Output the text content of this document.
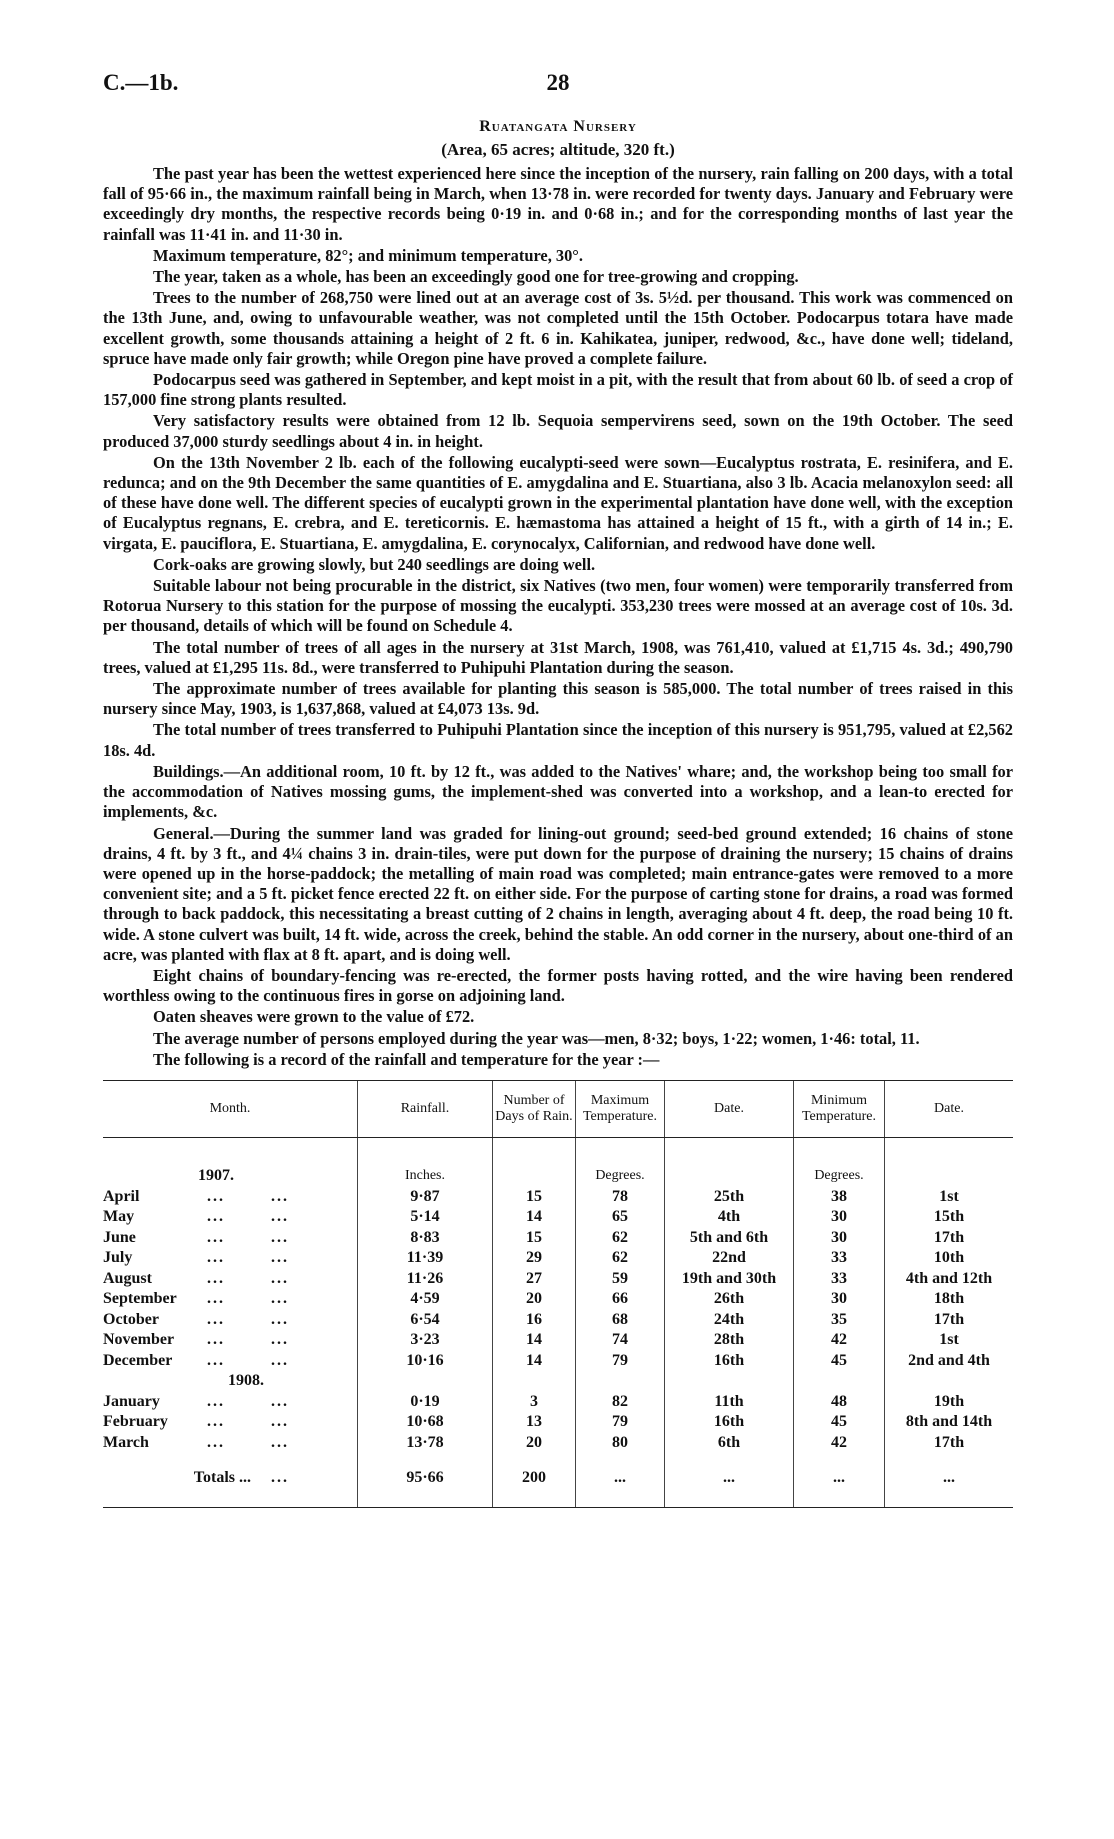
C.—1b.	28
Ruatangata Nursery
(Area, 65 acres; altitude, 320 ft.)

The past year has been the wettest experienced here since the inception of the nursery, rain falling on 200 days, with a total fall of 95·66 in., the maximum rainfall being in March, when 13·78 in. were recorded for twenty days. January and February were exceedingly dry months, the respective records being 0·19 in. and 0·68 in.; and for the corresponding months of last year the rainfall was 11·41 in. and 11·30 in.

Maximum temperature, 82°; and minimum temperature, 30°.

The year, taken as a whole, has been an exceedingly good one for tree-growing and cropping.

Trees to the number of 268,750 were lined out at an average cost of 3s. 5½d. per thousand. This work was commenced on the 13th June, and, owing to unfavourable weather, was not completed until the 15th October. Podocarpus totara have made excellent growth, some thousands attaining a height of 2 ft. 6 in. Kahikatea, juniper, redwood, &c., have done well; tideland, spruce have made only fair growth; while Oregon pine have proved a complete failure.

Podocarpus seed was gathered in September, and kept moist in a pit, with the result that from about 60 lb. of seed a crop of 157,000 fine strong plants resulted.

Very satisfactory results were obtained from 12 lb. Sequoia sempervirens seed, sown on the 19th October. The seed produced 37,000 sturdy seedlings about 4 in. in height.

On the 13th November 2 lb. each of the following eucalypti-seed were sown—Eucalyptus rostrata, E. resinifera, and E. redunca; and on the 9th December the same quantities of E. amygdalina and E. Stuartiana, also 3 lb. Acacia melanoxylon seed: all of these have done well. The different species of eucalypti grown in the experimental plantation have done well, with the exception of Eucalyptus regnans, E. crebra, and E. tereticornis. E. hæmastoma has attained a height of 15 ft., with a girth of 14 in.; E. virgata, E. pauciflora, E. Stuartiana, E. amygdalina, E. corynocalyx, Californian, and redwood have done well.

Cork-oaks are growing slowly, but 240 seedlings are doing well.

Suitable labour not being procurable in the district, six Natives (two men, four women) were temporarily transferred from Rotorua Nursery to this station for the purpose of mossing the eucalypti. 353,230 trees were mossed at an average cost of 10s. 3d. per thousand, details of which will be found on Schedule 4.

The total number of trees of all ages in the nursery at 31st March, 1908, was 761,410, valued at £1,715 4s. 3d.; 490,790 trees, valued at £1,295 11s. 8d., were transferred to Puhipuhi Plantation during the season.

The approximate number of trees available for planting this season is 585,000. The total number of trees raised in this nursery since May, 1903, is 1,637,868, valued at £4,073 13s. 9d.

The total number of trees transferred to Puhipuhi Plantation since the inception of this nursery is 951,795, valued at £2,562 18s. 4d.

Buildings.—An additional room, 10 ft. by 12 ft., was added to the Natives' whare; and, the workshop being too small for the accommodation of Natives mossing gums, the implement-shed was converted into a workshop, and a lean-to erected for implements, &c.

General.—During the summer land was graded for lining-out ground; seed-bed ground extended; 16 chains of stone drains, 4 ft. by 3 ft., and 4¼ chains 3 in. drain-tiles, were put down for the purpose of draining the nursery; 15 chains of drains were opened up in the horse-paddock; the metalling of main road was completed; main entrance-gates were removed to a more convenient site; and a 5 ft. picket fence erected 22 ft. on either side. For the purpose of carting stone for drains, a road was formed through to back paddock, this necessitating a breast cutting of 2 chains in length, averaging about 4 ft. deep, the road being 10 ft. wide. A stone culvert was built, 14 ft. wide, across the creek, behind the stable. An odd corner in the nursery, about one-third of an acre, was planted with flax at 8 ft. apart, and is doing well.

Eight chains of boundary-fencing was re-erected, the former posts having rotted, and the wire having been rendered worthless owing to the continuous fires in gorse on adjoining land.

Oaten sheaves were grown to the value of £72.

The average number of persons employed during the year was—men, 8·32; boys, 1·22; women, 1·46: total, 11.

The following is a record of the rainfall and temperature for the year :—

Month.	Rainfall.	Number of Days of Rain.	Maximum Temperature.	Date.	Minimum Temperature.	Date.

1907.	Inches.		Degrees.		Degrees.	

April ... ...	9·87	15	78	25th	38	1st

May ... ...	5·14	14	65	4th	30	15th

June ... ...	8·83	15	62	5th and 6th	30	17th

July ... ...	11·39	29	62	22nd	33	10th

August ... ...	11·26	27	59	19th and 30th	33	4th and 12th

September ... ...	4·59	20	66	26th	30	18th

October ... ...	6·54	16	68	24th	35	17th

November ... ...	3·23	14	74	28th	42	1st

December ... ...	10·16	14	79	16th	45	2nd and 4th
1908.						

January ... ...	0·19	3	82	11th	48	19th

February ... ...	10·68	13	79	16th	45	8th and 14th

March ... ...	13·78	20	80	6th	42	17th

Totals ... ...	95·66	200	...	...	...	...
